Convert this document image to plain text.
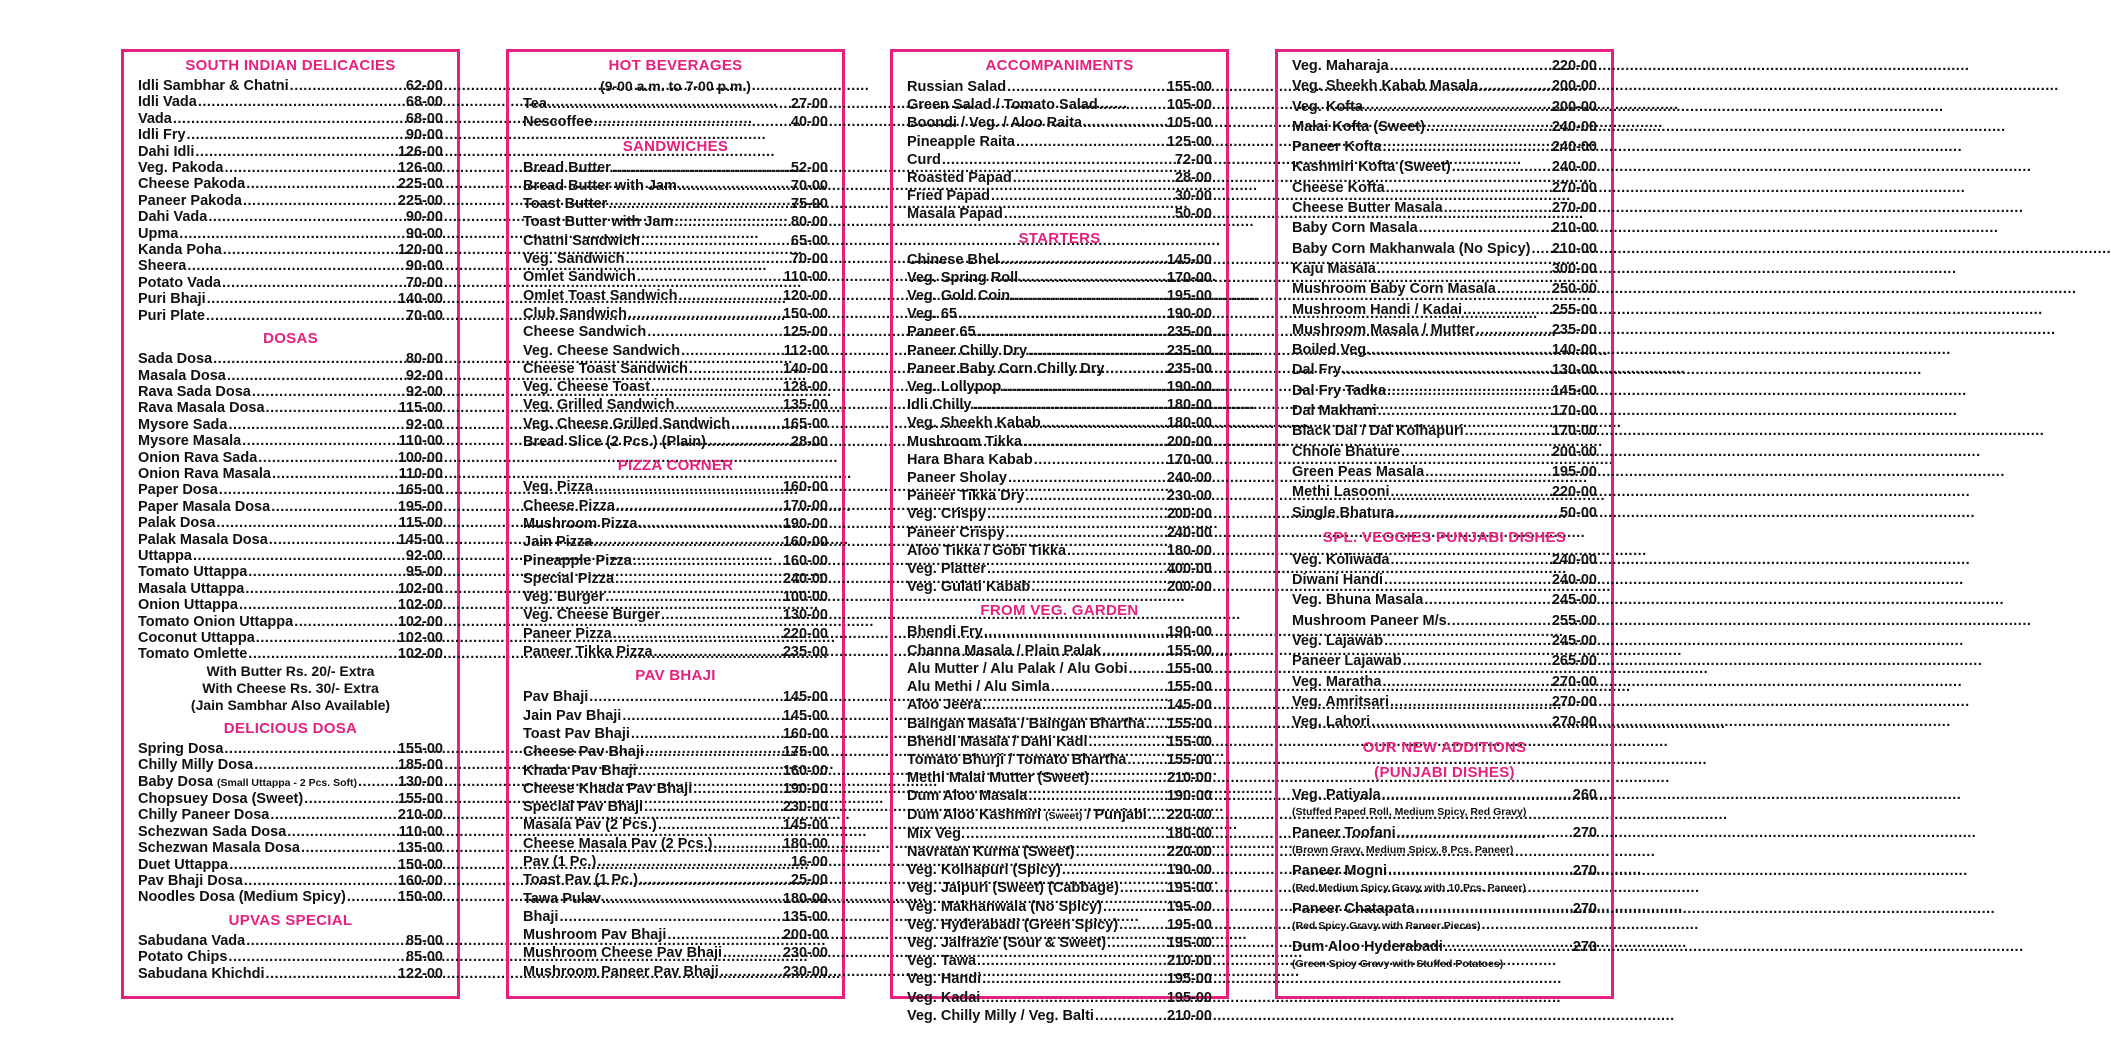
SOUTH INDIAN DELICACIES
Idli Sambhar & Chatni .....	62-00
Idli Vada .....	68-00
Vada .....	68-00
Idli Fry .....	90-00
Dahi Idli .....	126-00
Veg. Pakoda .....	126-00
Cheese Pakoda .....	225-00
Paneer Pakoda .....	225-00
Dahi Vada .....	90-00
Upma .....	90-00
Kanda Poha .....	120-00
Sheera .....	90-00
Potato Vada .....	70-00
Puri Bhaji .....	140-00
Puri Plate .....	70-00
DOSAS
Sada Dosa .....	80-00
Masala Dosa .....	92-00
Rava Sada Dosa .....	92-00
Rava Masala Dosa .....	115-00
Mysore Sada .....	92-00
Mysore Masala .....	110-00
Onion Rava Sada .....	100-00
Onion Rava Masala .....	110-00
Paper Dosa .....	165-00
Paper Masala Dosa .....	195-00
Palak Dosa .....	115-00
Palak Masala Dosa .....	145-00
Uttappa .....	92-00
Tomato Uttappa .....	95-00
Masala Uttappa .....	102-00
Onion Uttappa .....	102-00
Tomato Onion Uttappa .....	102-00
Coconut Uttappa .....	102-00
Tomato Omlette .....	102-00
With Butter Rs. 20/- Extra
With Cheese Rs. 30/- Extra
(Jain Sambhar Also Available)
DELICIOUS DOSA
Spring Dosa .....	155-00
Chilly Milly Dosa .....	185-00
Baby Dosa (Small Uttappa - 2 Pcs. Soft) .....	130-00
Chopsuey Dosa (Sweet) .....	155-00
Chilly Paneer Dosa .....	210-00
Schezwan Sada Dosa .....	110-00
Schezwan Masala Dosa .....	135-00
Duet Uttappa .....	150-00
Pav Bhaji Dosa .....	160-00
Noodles Dosa (Medium Spicy) .....	150-00
UPVAS SPECIAL
Sabudana Vada .....	85-00
Potato Chips .....	85-00
Sabudana Khichdi .....	122-00
HOT BEVERAGES
(9-00 a.m. to 7-00 p.m.)
Tea .....	27-00
Nescoffee .....	40-00
SANDWICHES
Bread Butter .....	52-00
Bread Butter with Jam .....	70-00
Toast Butter .....	75-00
Toast Butter with Jam .....	80-00
Chatni Sandwich .....	65-00
Veg. Sandwich .....	70-00
Omlet Sandwich .....	110-00
Omlet Toast Sandwich .....	120-00
Club Sandwich .....	150-00
Cheese Sandwich .....	125-00
Veg. Cheese Sandwich .....	112-00
Cheese Toast Sandwich .....	140-00
Veg. Cheese Toast .....	128-00
Veg. Grilled Sandwich .....	135-00
Veg. Cheese Grilled Sandwich .....	165-00
Bread Slice (2 Pcs.) (Plain) .....	28-00
PIZZA CORNER
Veg. Pizza .....	160-00
Cheese Pizza .....	170-00
Mushroom Pizza .....	190-00
Jain Pizza .....	160-00
Pineapple Pizza .....	160-00
Special Pizza .....	240-00
Veg. Burger .....	100-00
Veg. Cheese Burger .....	130-00
Paneer Pizza .....	220-00
Paneer Tikka Pizza .....	235-00
PAV BHAJI
Pav Bhaji .....	145-00
Jain Pav Bhaji .....	145-00
Toast Pav Bhaji .....	160-00
Cheese Pav Bhaji .....	175-00
Khada Pav Bhaji .....	160-00
Cheese Khada Pav Bhaji .....	190-00
Special Pav Bhaji .....	230-00
Masala Pav (2 Pcs.) .....	145-00
Cheese Masala Pav (2 Pcs.) .....	180-00
Pav (1 Pc.) .....	16-00
Toast Pav (1 Pc.) .....	25-00
Tawa Pulav .....	180-00
Bhaji .....	135-00
Mushroom Pav Bhaji .....	200-00
Mushroom Cheese Pav Bhaji .....	230-00
Mushroom Paneer Pav Bhaji .....	230-00
ACCOMPANIMENTS
Russian Salad .....	155-00
Green Salad / Tomato Salad .....	105-00
Boondi / Veg. / Aloo Raita .....	105-00
Pineapple Raita .....	125-00
Curd .....	72-00
Roasted Papad .....	28-00
Fried Papad .....	30-00
Masala Papad .....	50-00
STARTERS
Chinese Bhel .....	145-00
Veg. Spring Roll .....	170-00
Veg. Gold Coin .....	195-00
Veg. 65 .....	190-00
Paneer 65 .....	235-00
Paneer Chilly Dry .....	235-00
Paneer Baby Corn Chilly Dry .....	235-00
Veg. Lollypop .....	190-00
Idli Chilly .....	180-00
Veg. Sheekh Kabab .....	180-00
Mushroom Tikka .....	200-00
Hara Bhara Kabab .....	170-00
Paneer Sholay .....	240-00
Paneer Tikka Dry .....	230-00
Veg. Crispy .....	200-00
Paneer Crispy .....	240-00
Aloo Tikka / Gobi Tikka .....	180-00
Veg. Platter .....	400-00
Veg. Gulati Kabab .....	200-00
FROM VEG. GARDEN
Bhendi Fry .....	190-00
Channa Masala / Plain Palak .....	155-00
Alu Mutter / Alu Palak / Alu Gobi .....	155-00
Alu Methi / Alu Simla .....	155-00
Aloo Jeera .....	145-00
Baingan Masala / Baingan Bhartha ..... 155-00
Bhendi Masala / Dahi Kadi .....	155-00
Tomato Bhurji / Tomato Bhartha .....	155-00
Methi Malai Mutter (Sweet) .....	210-00
Dum Aloo Masala .....	190-00
Dum Aloo Kashmiri (Sweet) / Punjabi ..... 220-00
Mix Veg. .....	180-00
Navratan Kurma (Sweet) .....	220-00
Veg. Kolhapuri (Spicy) .....	190-00
Veg. Jaipuri (Sweet) (Cabbage) .....	195-00
Veg. Makhanwala (No Spicy) .....	195-00
Veg. Hyderabadi (Green Spicy) .....	195-00
Veg. Jalfrazie (Sour & Sweet) .....	195-00
Veg. Tawa .....	210-00
Veg. Handi .....	195-00
Veg. Kadai .....	195-00
Veg. Chilly Milly / Veg. Balti .....	210-00
Veg. Maharaja .....	220-00
Veg. Sheekh Kabab Masala .....	200-00
Veg. Kofta .....	200-00
Malai Kofta (Sweet) .....	240-00
Paneer Kofta .....	240-00
Kashmiri Kofta (Sweet) .....	240-00
Cheese Kofta .....	270-00
Cheese Butter Masala .....	270-00
Baby Corn Masala .....	210-00
Baby Corn Makhanwala (No Spicy) ..... 210-00
Kaju Masala .....	300-00
Mushroom Baby Corn Masala .....	250-00
Mushroom Handi / Kadai .....	255-00
Mushroom Masala / Mutter .....	235-00
Boiled Veg. .....	140-00
Dal Fry .....	130-00
Dal Fry Tadka .....	145-00
Dal Makhani .....	170-00
Black Dal / Dal Kolhapuri .....	170-00
Chhole Bhature .....	200-00
Green Peas Masala .....	195-00
Methi Lasooni .....	220-00
Single Bhatura .....	50-00
SPL. VEGGIES PUNJABI DISHES
Veg. Koliwada .....	240-00
Diwani Handi .....	240-00
Veg. Bhuna Masala .....	245-00
Mushroom Paneer M/s. .....	255-00
Veg. Lajawab .....	245-00
Paneer Lajawab .....	265-00
Veg. Maratha .....	270-00
Veg. Amritsari .....	270-00
Veg. Lahori .....	270-00
OUR NEW ADDITIONS
(PUNJABI DISHES)
Veg. Patiyala .....	260
(Stuffed Paped Roll, Medium Spicy, Red Gravy)
Paneer Toofani .....	270
(Brown Gravy, Medium Spicy, 8 Pcs. Paneer)
Paneer Mogni .....	270
(Red Medium Spicy Gravy with 10 Pcs. Paneer)
Paneer Chatapata .....	270
(Red Spicy Gravy with Paneer Pieces)
Dum Aloo Hyderabadi .....	270
(Green Spicy Gravy with Stuffed Potatoes)
